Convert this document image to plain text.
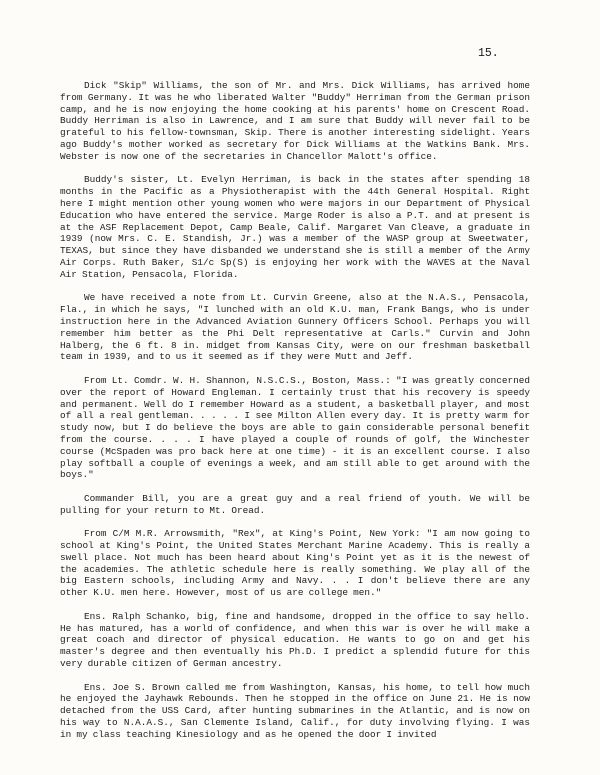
15.

Dick "Skip" Williams, the son of Mr. and Mrs. Dick Williams, has arrived home from Germany. It was he who liberated Walter "Buddy" Herriman from the German prison camp, and he is now enjoying the home cooking at his parents' home on Crescent Road. Buddy Herriman is also in Lawrence, and I am sure that Buddy will never fail to be grateful to his fellow-townsman, Skip. There is another interesting sidelight. Years ago Buddy's mother worked as secretary for Dick Williams at the Watkins Bank. Mrs. Webster is now one of the secretaries in Chancellor Malott's office.

Buddy's sister, Lt. Evelyn Herriman, is back in the states after spending 18 months in the Pacific as a Physiotherapist with the 44th General Hospital. Right here I might mention other young women who were majors in our Department of Physical Education who have entered the service. Marge Roder is also a P.T. and at present is at the ASF Replacement Depot, Camp Beale, Calif. Margaret Van Cleave, a graduate in 1939 (now Mrs. C. E. Standish, Jr.) was a member of the WASP group at Sweetwater, TEXAS, but since they have disbanded we understand she is still a member of the Army Air Corps. Ruth Baker, S1/c Sp(S) is enjoying her work with the WAVES at the Naval Air Station, Pensacola, Florida.

We have received a note from Lt. Curvin Greene, also at the N.A.S., Pensacola, Fla., in which he says, "I lunched with an old K.U. man, Frank Bangs, who is under instruction here in the Advanced Aviation Gunnery Officers School. Perhaps you will remember him better as the Phi Delt representative at Carls." Curvin and John Halberg, the 6 ft. 8 in. midget from Kansas City, were on our freshman basketball team in 1939, and to us it seemed as if they were Mutt and Jeff.

From Lt. Comdr. W. H. Shannon, N.S.C.S., Boston, Mass.: "I was greatly concerned over the report of Howard Engleman. I certainly trust that his recovery is speedy and permanent. Well do I remember Howard as a student, a basketball player, and most of all a real gentleman. . . . . I see Milton Allen every day. It is pretty warm for study now, but I do believe the boys are able to gain considerable personal benefit from the course. . . . I have played a couple of rounds of golf, the Winchester course (McSpaden was pro back here at one time) - it is an excellent course. I also play softball a couple of evenings a week, and am still able to get around with the boys."

Commander Bill, you are a great guy and a real friend of youth. We will be pulling for your return to Mt. Oread.

From C/M M.R. Arrowsmith, "Rex", at King's Point, New York: "I am now going to school at King's Point, the United States Merchant Marine Academy. This is really a swell place. Not much has been heard about King's Point yet as it is the newest of the academies. The athletic schedule here is really something. We play all of the big Eastern schools, including Army and Navy. . . I don't believe there are any other K.U. men here. However, most of us are college men."

Ens. Ralph Schanko, big, fine and handsome, dropped in the office to say hello. He has matured, has a world of confidence, and when this war is over he will make a great coach and director of physical education. He wants to go on and get his master's degree and then eventually his Ph.D. I predict a splendid future for this very durable citizen of German ancestry.

Ens. Joe S. Brown called me from Washington, Kansas, his home, to tell how much he enjoyed the Jayhawk Rebounds. Then he stopped in the office on June 21. He is now detached from the USS Card, after hunting submarines in the Atlantic, and is now on his way to N.A.A.S., San Clemente Island, Calif., for duty involving flying. I was in my class teaching Kinesiology and as he opened the door I invited
